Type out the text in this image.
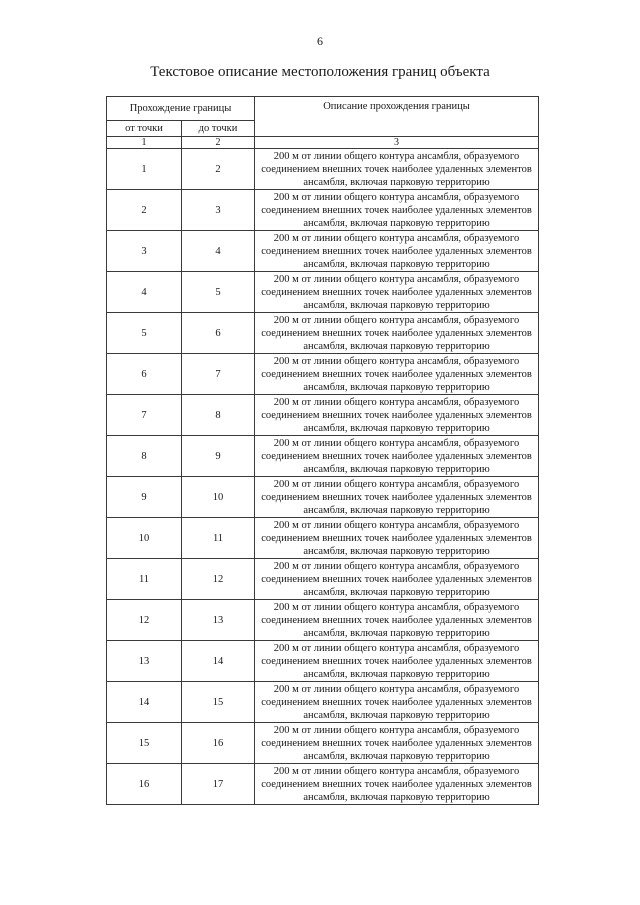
6
Текстовое описание местоположения границ объекта
Прохождение границы		Описание прохождения границы
от точки	до точки	
1	2	3
1	2	200 м от линии общего контура ансамбля, образуемого соединением внешних точек наиболее удаленных элементов ансамбля, включая парковую территорию
2	3	200 м от линии общего контура ансамбля, образуемого соединением внешних точек наиболее удаленных элементов ансамбля, включая парковую территорию
3	4	200 м от линии общего контура ансамбля, образуемого соединением внешних точек наиболее удаленных элементов ансамбля, включая парковую территорию
4	5	200 м от линии общего контура ансамбля, образуемого соединением внешних точек наиболее удаленных элементов ансамбля, включая парковую территорию
5	6	200 м от линии общего контура ансамбля, образуемого соединением внешних точек наиболее удаленных элементов ансамбля, включая парковую территорию
6	7	200 м от линии общего контура ансамбля, образуемого соединением внешних точек наиболее удаленных элементов ансамбля, включая парковую территорию
7	8	200 м от линии общего контура ансамбля, образуемого соединением внешних точек наиболее удаленных элементов ансамбля, включая парковую территорию
8	9	200 м от линии общего контура ансамбля, образуемого соединением внешних точек наиболее удаленных элементов ансамбля, включая парковую территорию
9	10	200 м от линии общего контура ансамбля, образуемого соединением внешних точек наиболее удаленных элементов ансамбля, включая парковую территорию
10	11	200 м от линии общего контура ансамбля, образуемого соединением внешних точек наиболее удаленных элементов ансамбля, включая парковую территорию
11	12	200 м от линии общего контура ансамбля, образуемого соединением внешних точек наиболее удаленных элементов ансамбля, включая парковую территорию
12	13	200 м от линии общего контура ансамбля, образуемого соединением внешних точек наиболее удаленных элементов ансамбля, включая парковую территорию
13	14	200 м от линии общего контура ансамбля, образуемого соединением внешних точек наиболее удаленных элементов ансамбля, включая парковую территорию
14	15	200 м от линии общего контура ансамбля, образуемого соединением внешних точек наиболее удаленных элементов ансамбля, включая парковую территорию
15	16	200 м от линии общего контура ансамбля, образуемого соединением внешних точек наиболее удаленных элементов ансамбля, включая парковую территорию
16	17	200 м от линии общего контура ансамбля, образуемого соединением внешних точек наиболее удаленных элементов ансамбля, включая парковую территорию
